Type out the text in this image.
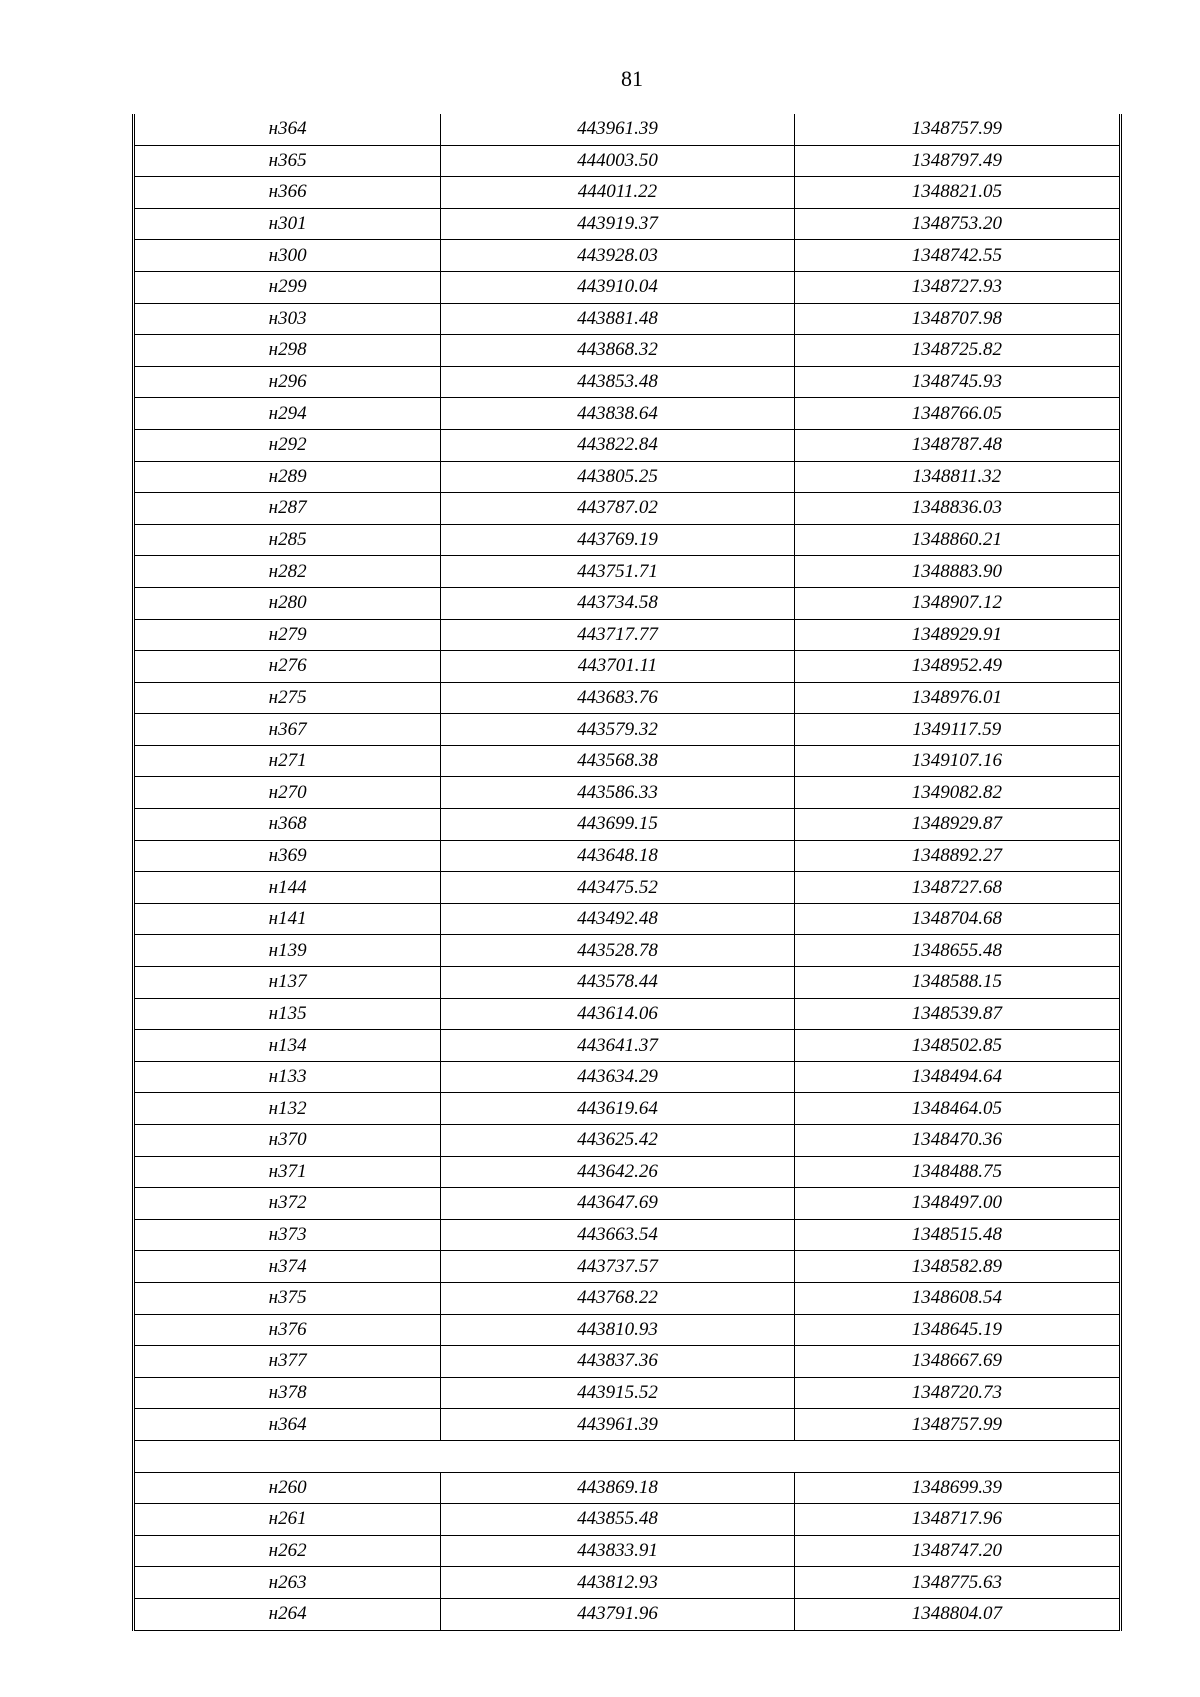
81
н364	443961.39	1348757.99
н365	444003.50	1348797.49
н366	444011.22	1348821.05
н301	443919.37	1348753.20
н300	443928.03	1348742.55
н299	443910.04	1348727.93
н303	443881.48	1348707.98
н298	443868.32	1348725.82
н296	443853.48	1348745.93
н294	443838.64	1348766.05
н292	443822.84	1348787.48
н289	443805.25	1348811.32
н287	443787.02	1348836.03
н285	443769.19	1348860.21
н282	443751.71	1348883.90
н280	443734.58	1348907.12
н279	443717.77	1348929.91
н276	443701.11	1348952.49
н275	443683.76	1348976.01
н367	443579.32	1349117.59
н271	443568.38	1349107.16
н270	443586.33	1349082.82
н368	443699.15	1348929.87
н369	443648.18	1348892.27
н144	443475.52	1348727.68
н141	443492.48	1348704.68
н139	443528.78	1348655.48
н137	443578.44	1348588.15
н135	443614.06	1348539.87
н134	443641.37	1348502.85
н133	443634.29	1348494.64
н132	443619.64	1348464.05
н370	443625.42	1348470.36
н371	443642.26	1348488.75
н372	443647.69	1348497.00
н373	443663.54	1348515.48
н374	443737.57	1348582.89
н375	443768.22	1348608.54
н376	443810.93	1348645.19
н377	443837.36	1348667.69
н378	443915.52	1348720.73
н364	443961.39	1348757.99

н260	443869.18	1348699.39
н261	443855.48	1348717.96
н262	443833.91	1348747.20
н263	443812.93	1348775.63
н264	443791.96	1348804.07
